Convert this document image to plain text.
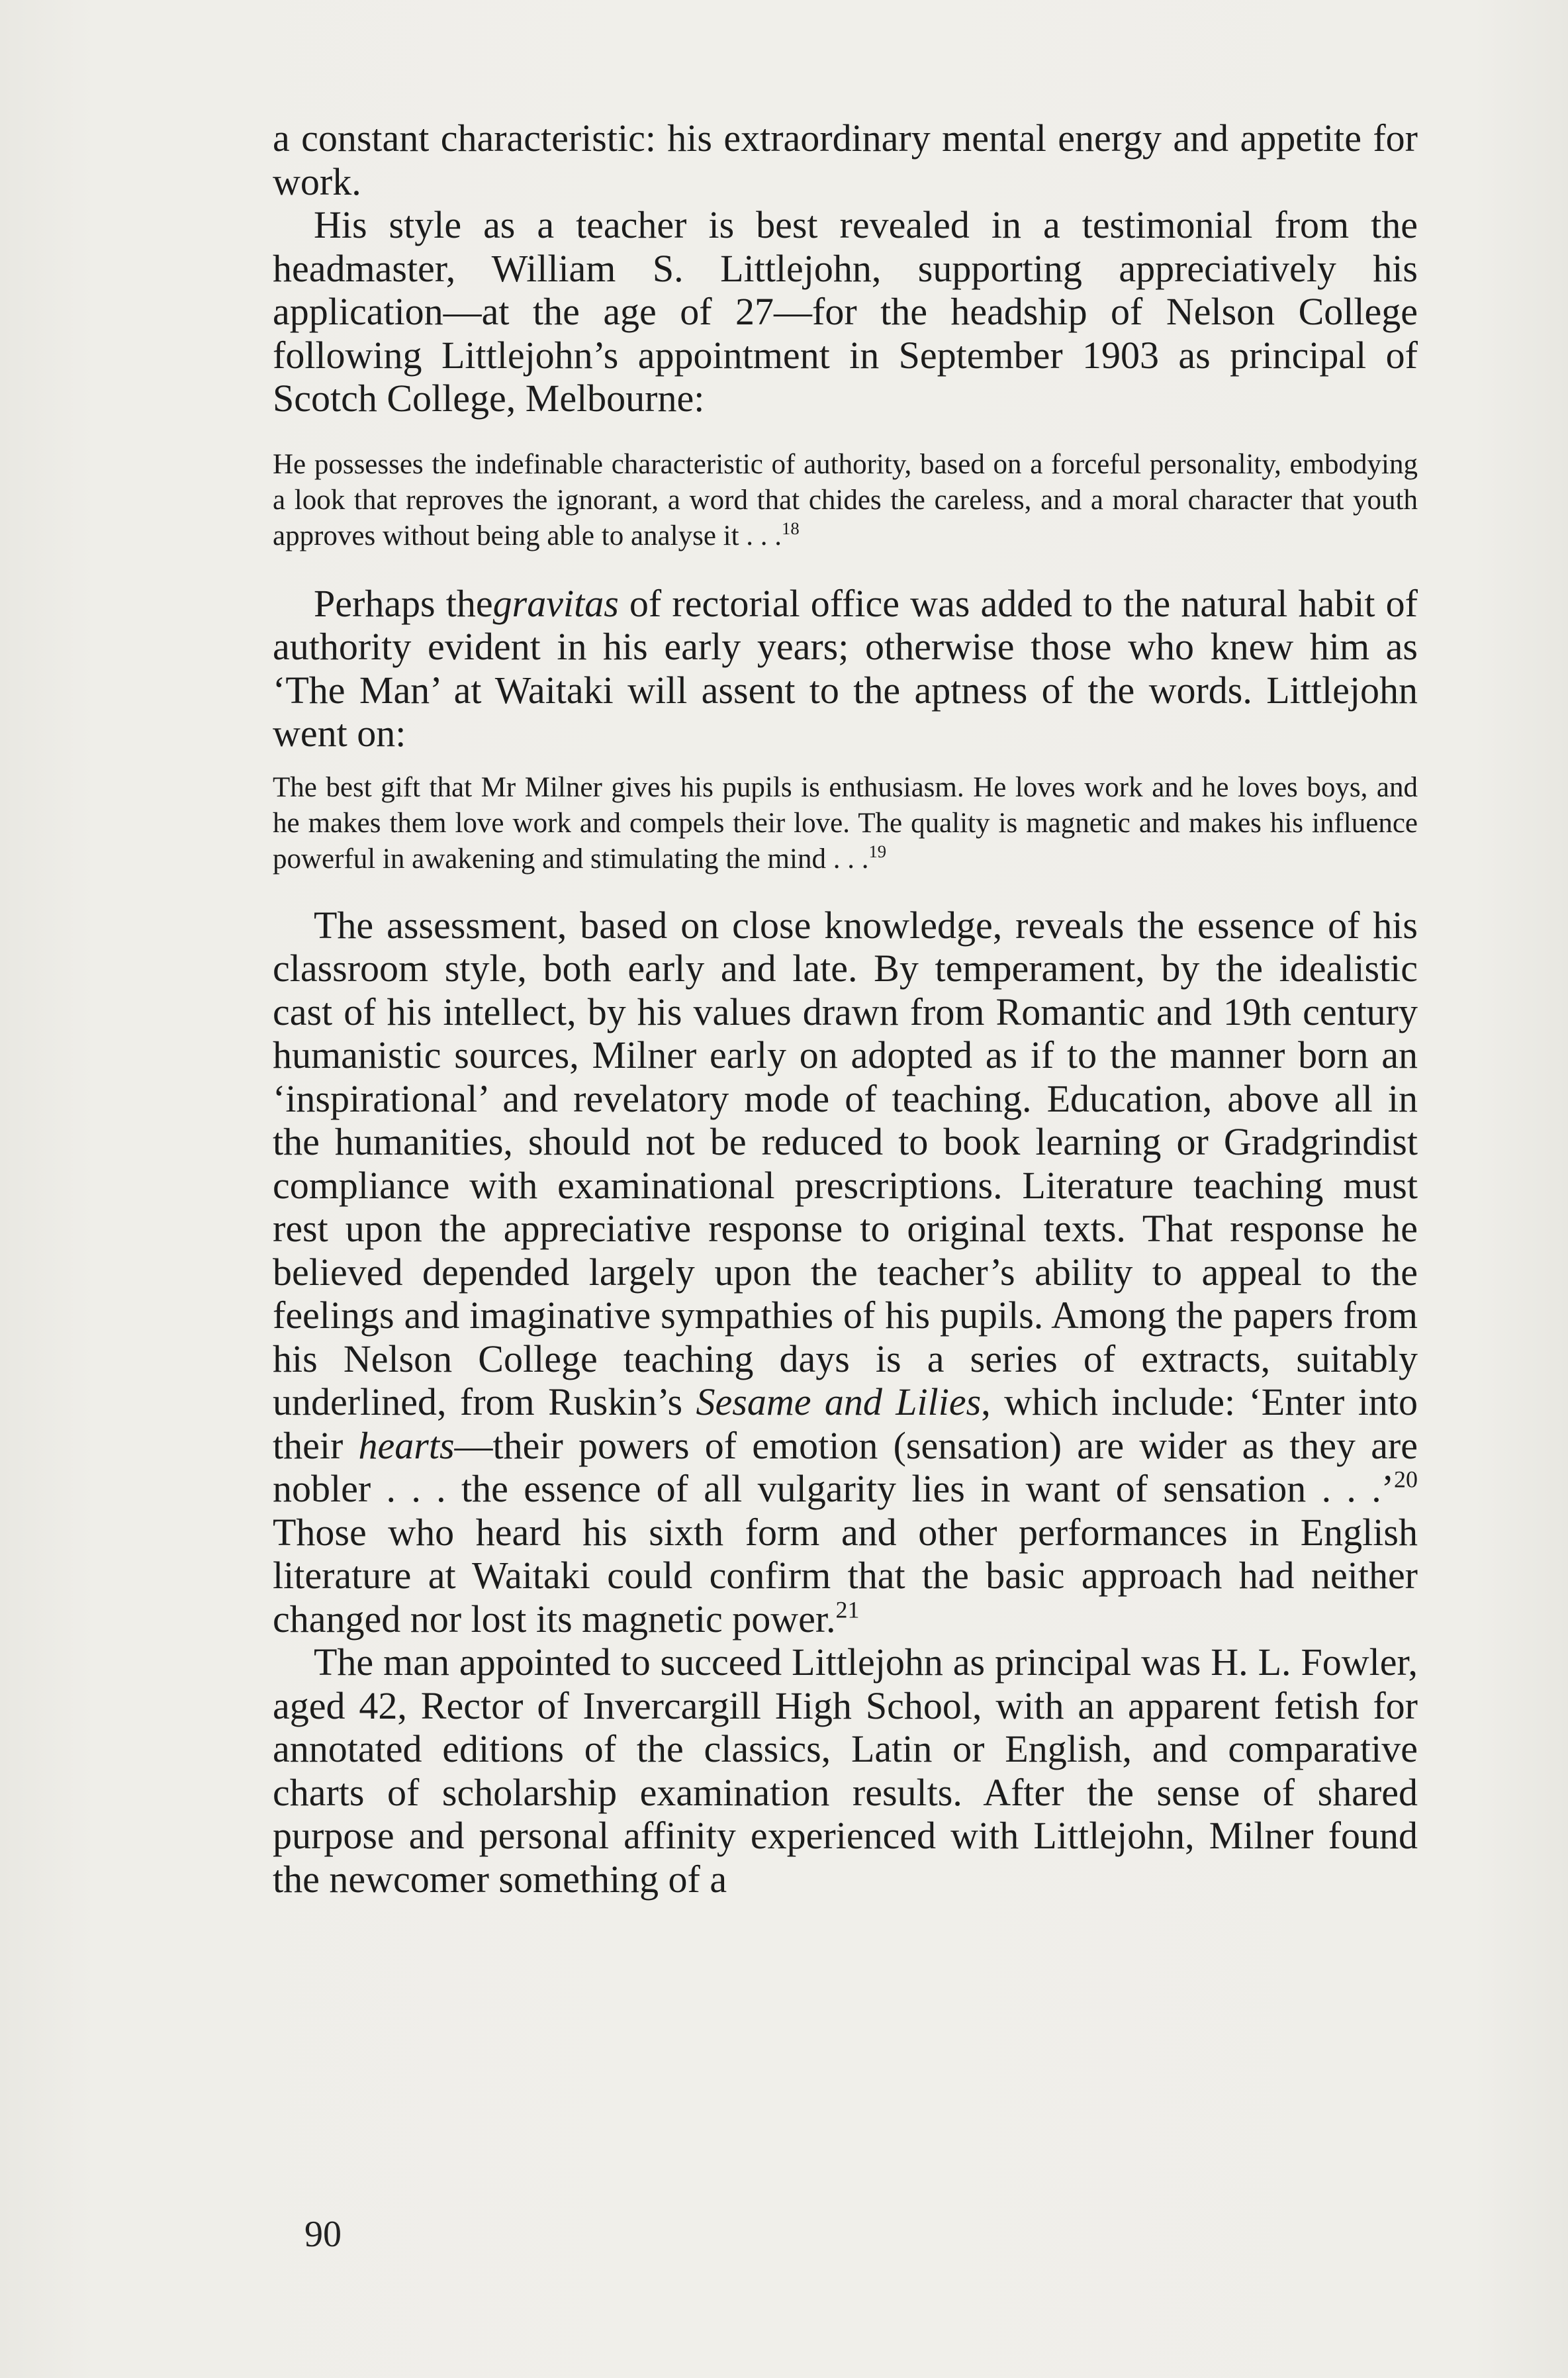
a constant characteristic: his extraordinary mental energy and appetite for work.

His style as a teacher is best revealed in a testimonial from the headmaster, William S. Littlejohn, supporting appreciatively his application—at the age of 27—for the headship of Nelson College following Littlejohn’s appointment in September 1903 as principal of Scotch College, Melbourne:

He possesses the indefinable characteristic of authority, based on a forceful personality, embodying a look that reproves the ignorant, a word that chides the careless, and a moral character that youth approves without being able to analyse it . . .$^{18}$

Perhaps thegravitas of rectorial office was added to the natural habit of authority evident in his early years; otherwise those who knew him as ‘The Man’ at Waitaki will assent to the aptness of the words. Littlejohn went on:

The best gift that Mr Milner gives his pupils is enthusiasm. He loves work and he loves boys, and he makes them love work and compels their love. The quality is magnetic and makes his influence powerful in awakening and stimulating the mind . . .$^{19}$

The assessment, based on close knowledge, reveals the essence of his classroom style, both early and late. By temperament, by the idealistic cast of his intellect, by his values drawn from Romantic and 19th century humanistic sources, Milner early on adopted as if to the manner born an ‘inspirational’ and revelatory mode of teaching. Education, above all in the humanities, should not be reduced to book learning or Gradgrindist compliance with examinational prescriptions. Literature teaching must rest upon the appreciative response to original texts. That response he believed depended largely upon the teacher’s ability to appeal to the feelings and imaginative sympathies of his pupils. Among the papers from his Nelson College teaching days is a series of extracts, suitably underlined, from Ruskin’s Sesame and Lilies, which include: ‘Enter into their hearts—their powers of emotion (sensation) are wider as they are nobler . . . the essence of all vulgarity lies in want of sensation . . .’$^{20}$ Those who heard his sixth form and other performances in English literature at Waitaki could confirm that the basic approach had neither changed nor lost its magnetic power.$^{21}$

The man appointed to succeed Littlejohn as principal was H. L. Fowler, aged 42, Rector of Invercargill High School, with an apparent fetish for annotated editions of the classics, Latin or English, and comparative charts of scholarship examination results. After the sense of shared purpose and personal affinity experienced with Littlejohn, Milner found the newcomer something of a

90
